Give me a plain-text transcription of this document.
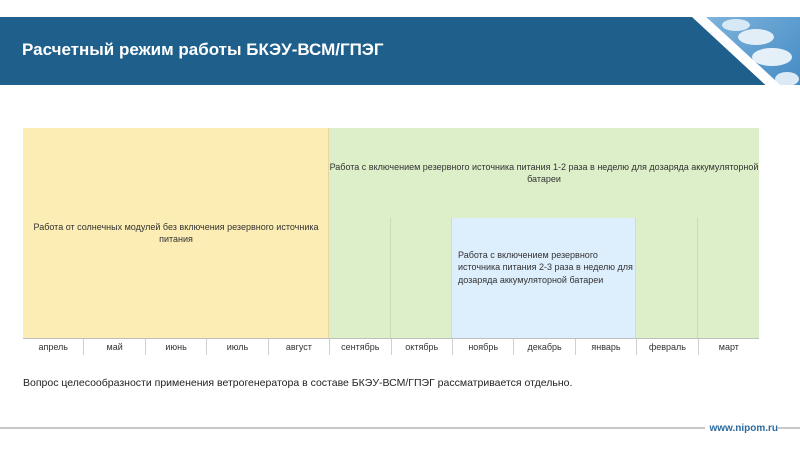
Расчетный режим работы БКЭУ-ВСМ/ГПЭГ
Работа от солнечных модулей без включения резервного источника питания
Работа с включением резервного источника питания 1-2 раза в неделю для дозаряда аккумуляторной батареи
Работа с включением резервного источника питания 2-3 раза в неделю для дозаряда аккумуляторной батареи
апрель	май	июнь	июль	август	сентябрь	октябрь	ноябрь	декабрь	январь	февраль	март
Вопрос целесообразности применения ветрогенератора в составе БКЭУ-ВСМ/ГПЭГ рассматривается отдельно.
www.nipom.ru
